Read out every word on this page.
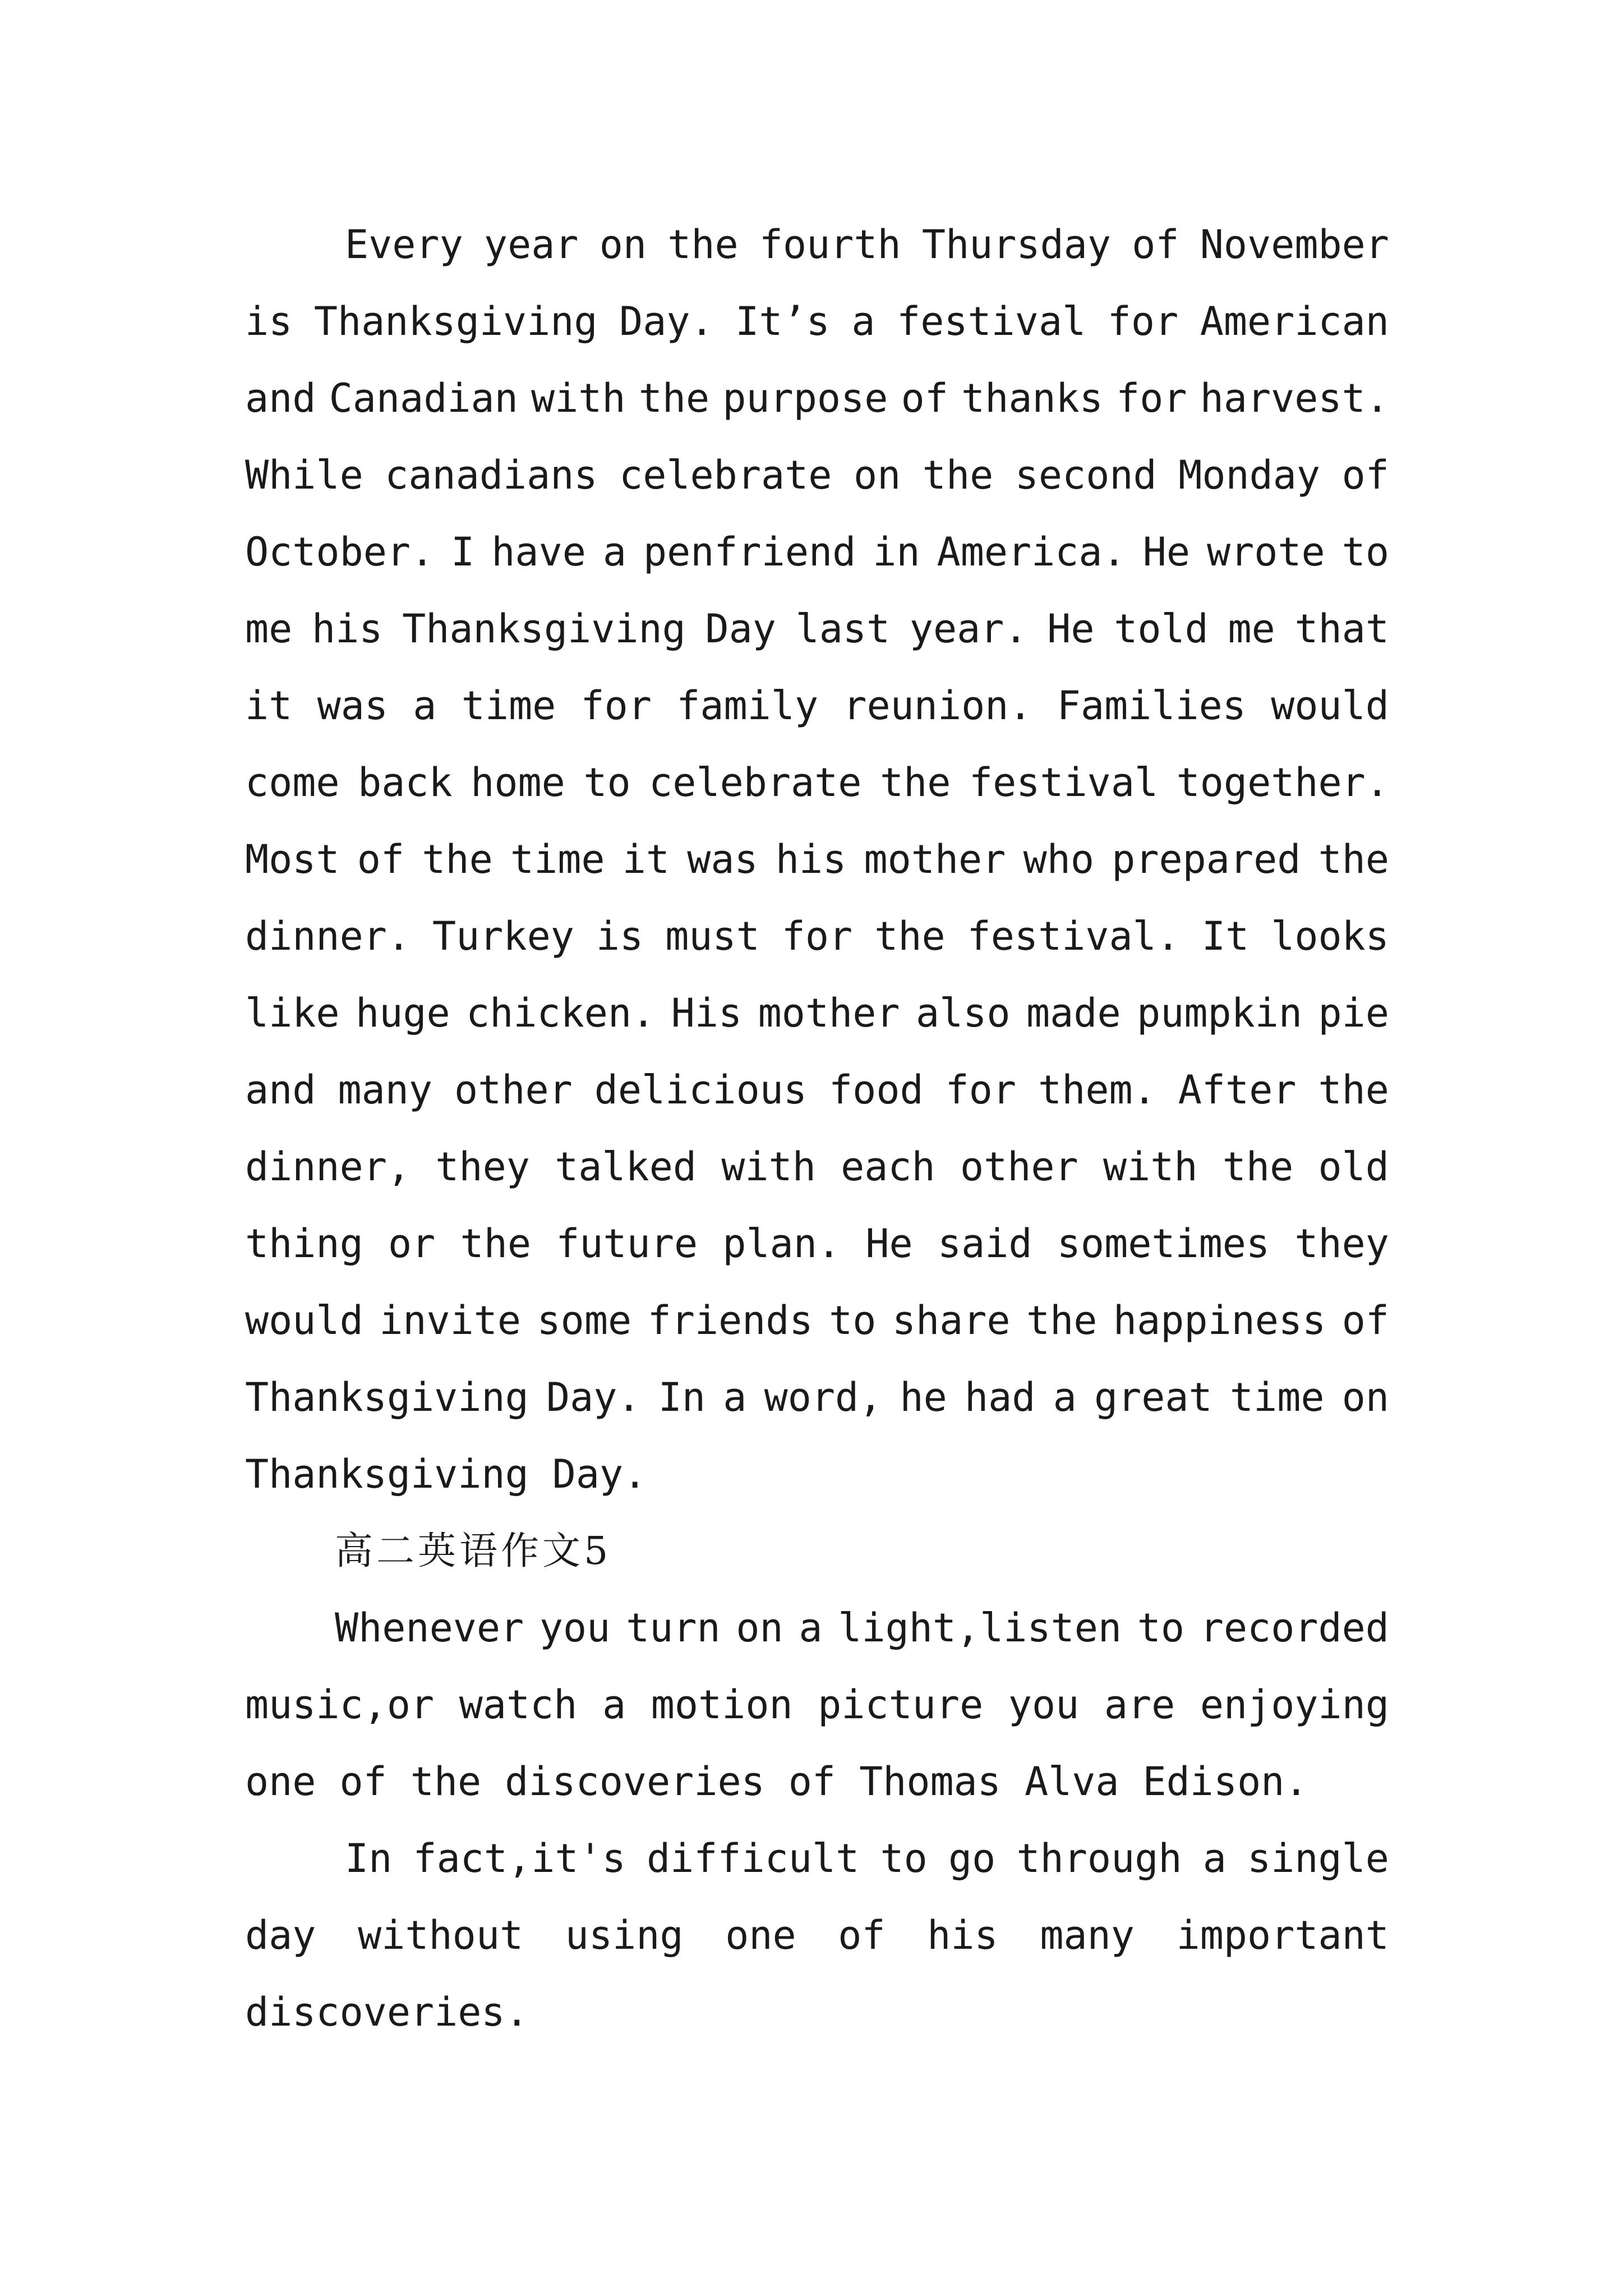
Every year on the fourth Thursday of November
is Thanksgiving Day. It’s a festival for American
and Canadian with the purpose of thanks for harvest.
While canadians celebrate on the second Monday of
October. I have a penfriend in America. He wrote to
me his Thanksgiving Day last year. He told me that
it was a time for family reunion. Families would
come back home to celebrate the festival together.
Most of the time it was his mother who prepared the
dinner. Turkey is must for the festival. It looks
like huge chicken. His mother also made pumpkin pie
and many other delicious food for them. After the
dinner, they talked with each other with the old
thing or the future plan. He said sometimes they
would invite some friends to share the happiness of
Thanksgiving Day. In a word, he had a great time on
Thanksgiving Day.
高二英语作文5
Whenever you turn on a light,listen to recorded
music,or watch a motion picture you are enjoying
one of the discoveries of Thomas Alva Edison.
In fact,it's difficult to go through a single
day without using one of his many important
discoveries.
